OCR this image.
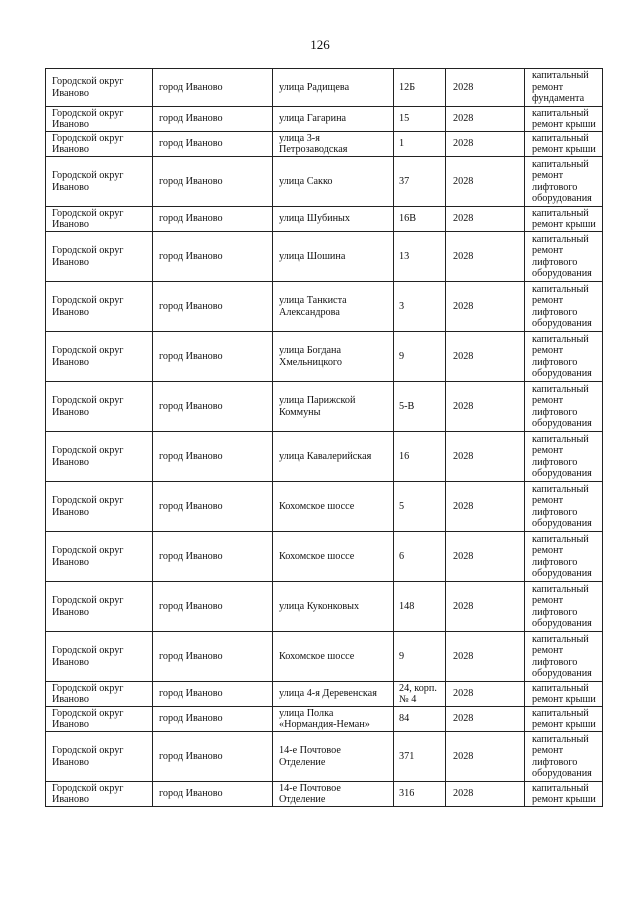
126
Городской округ Иваново	город Иваново	улица Радищева	12Б	2028	капитальный ремонт фундамента
Городской округ Иваново	город Иваново	улица Гагарина	15	2028	капитальный ремонт крыши
Городской округ Иваново	город Иваново	улица 3-я Петрозаводская	1	2028	капитальный ремонт крыши
Городской округ Иваново	город Иваново	улица Сакко	37	2028	капитальный ремонт лифтового оборудования
Городской округ Иваново	город Иваново	улица Шубиных	16В	2028	капитальный ремонт крыши
Городской округ Иваново	город Иваново	улица Шошина	13	2028	капитальный ремонт лифтового оборудования
Городской округ Иваново	город Иваново	улица Танкиста Александрова	3	2028	капитальный ремонт лифтового оборудования
Городской округ Иваново	город Иваново	улица Богдана Хмельницкого	9	2028	капитальный ремонт лифтового оборудования
Городской округ Иваново	город Иваново	улица Парижской Коммуны	5-В	2028	капитальный ремонт лифтового оборудования
Городской округ Иваново	город Иваново	улица Кавалерийская	16	2028	капитальный ремонт лифтового оборудования
Городской округ Иваново	город Иваново	Кохомское шоссе	5	2028	капитальный ремонт лифтового оборудования
Городской округ Иваново	город Иваново	Кохомское шоссе	6	2028	капитальный ремонт лифтового оборудования
Городской округ Иваново	город Иваново	улица Куконковых	148	2028	капитальный ремонт лифтового оборудования
Городской округ Иваново	город Иваново	Кохомское шоссе	9	2028	капитальный ремонт лифтового оборудования
Городской округ Иваново	город Иваново	улица 4-я Деревенская	24, корп. № 4	2028	капитальный ремонт крыши
Городской округ Иваново	город Иваново	улица Полка «Нормандия-Неман»	84	2028	капитальный ремонт крыши
Городской округ Иваново	город Иваново	14-е Почтовое Отделение	371	2028	капитальный ремонт лифтового оборудования
Городской округ Иваново	город Иваново	14-е Почтовое Отделение	316	2028	капитальный ремонт крыши
